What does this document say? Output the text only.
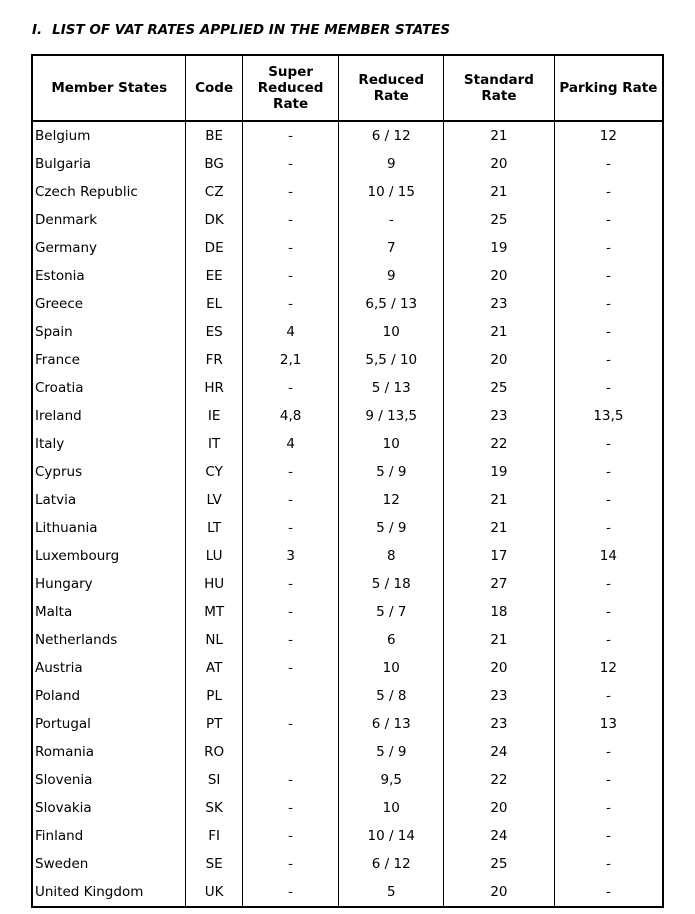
I. LIST OF VAT RATES APPLIED IN THE MEMBER STATES
Member States	Code	Super Reduced Rate	Reduced Rate	Standard Rate	Parking Rate
Belgium	BE	-	6 / 12	21	12
Bulgaria	BG	-	9	20	-
Czech Republic	CZ	-	10 / 15	21	-
Denmark	DK	-	-	25	-
Germany	DE	-	7	19	-
Estonia	EE	-	9	20	-
Greece	EL	-	6,5 / 13	23	-
Spain	ES	4	10	21	-
France	FR	2,1	5,5 / 10	20	-
Croatia	HR	-	5 / 13	25	-
Ireland	IE	4,8	9 / 13,5	23	13,5
Italy	IT	4	10	22	-
Cyprus	CY	-	5 / 9	19	-
Latvia	LV	-	12	21	-
Lithuania	LT	-	5 / 9	21	-
Luxembourg	LU	3	8	17	14
Hungary	HU	-	5 / 18	27	-
Malta	MT	-	5 / 7	18	-
Netherlands	NL	-	6	21	-
Austria	AT	-	10	20	12
Poland	PL		5 / 8	23	-
Portugal	PT	-	6 / 13	23	13
Romania	RO		5 / 9	24	-
Slovenia	SI	-	9,5	22	-
Slovakia	SK	-	10	20	-
Finland	FI	-	10 / 14	24	-
Sweden	SE	-	6 / 12	25	-
United Kingdom	UK	-	5	20	-
